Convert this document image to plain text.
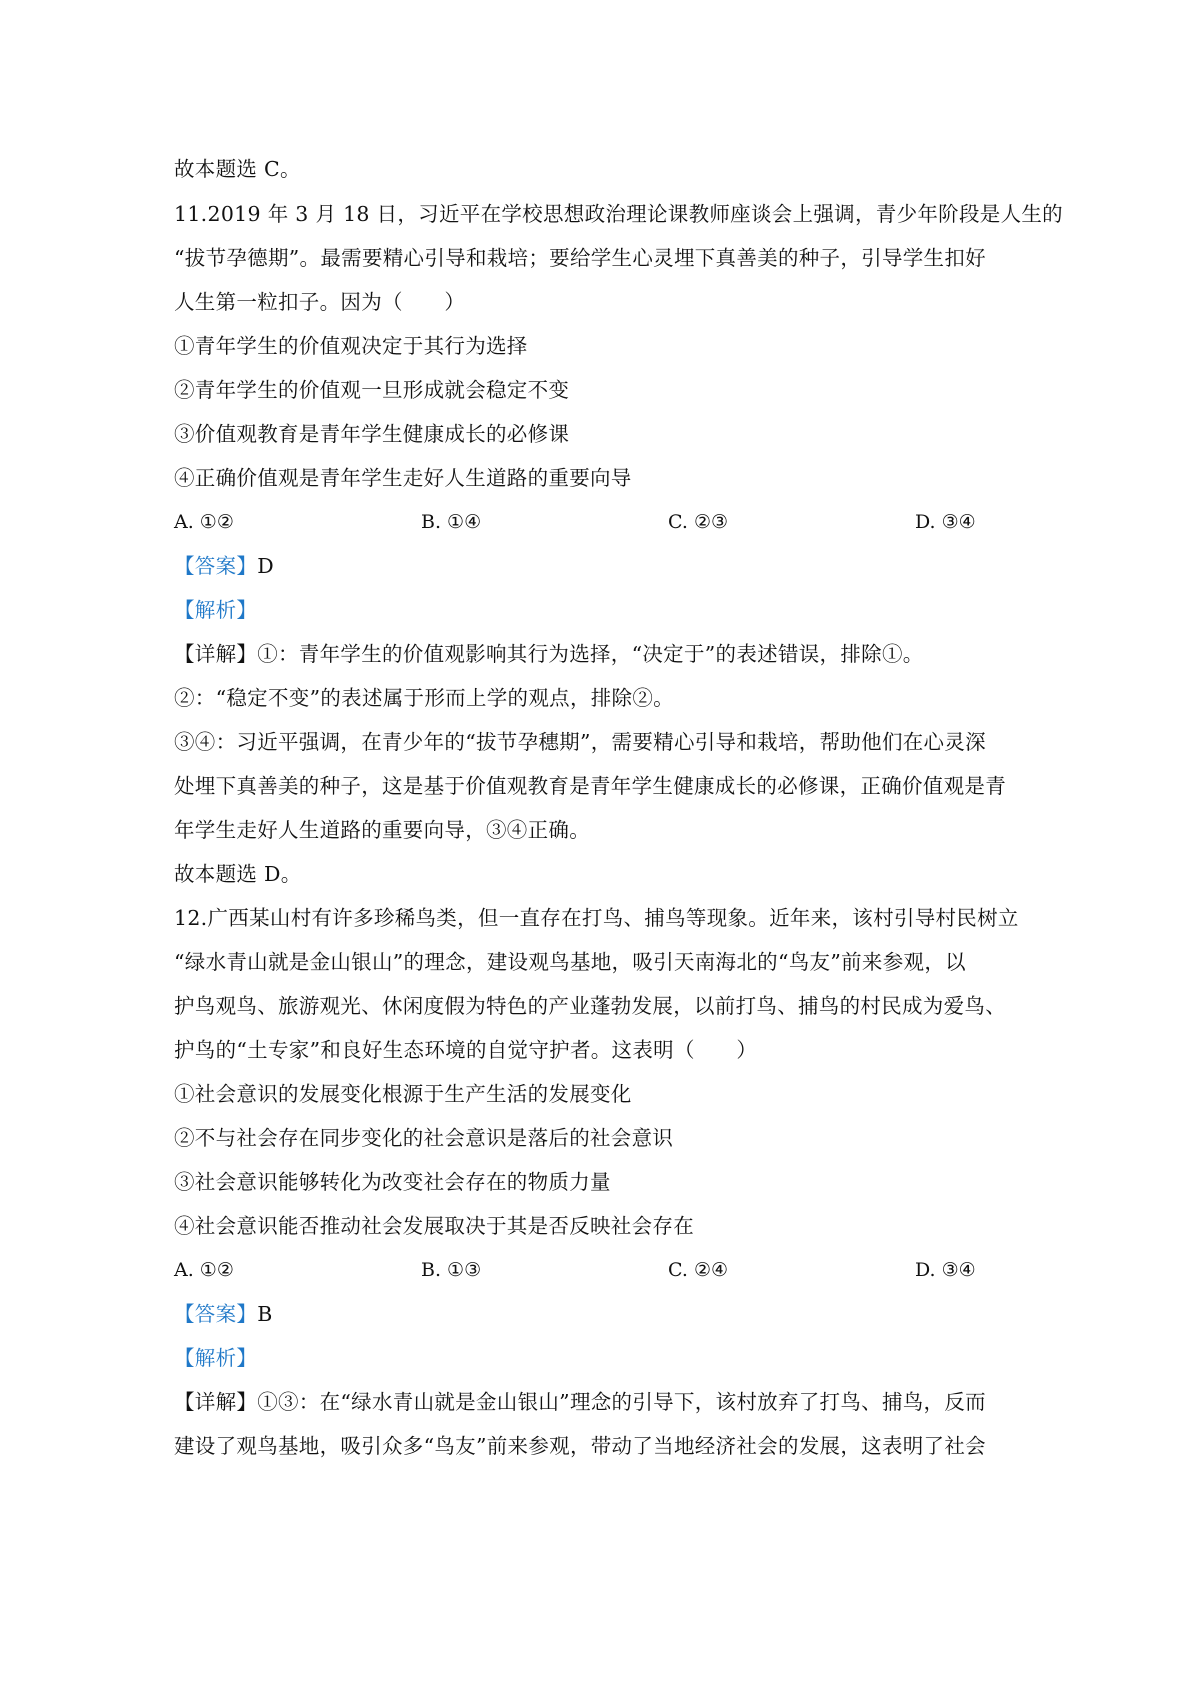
故本题选 C。
11.2019 年 3 月 18 日，习近平在学校思想政治理论课教师座谈会上强调，青少年阶段是人生的
“拔节孕德期”。最需要精心引导和栽培；要给学生心灵埋下真善美的种子，引导学生扣好
人生第一粒扣子。因为（　　）
①青年学生的价值观决定于其行为选择
②青年学生的价值观一旦形成就会稳定不变
③价值观教育是青年学生健康成长的必修课
④正确价值观是青年学生走好人生道路的重要向导
A. ①②	B. ①④	C. ②③	D. ③④
【答案】D
【解析】
【详解】①：青年学生的价值观影响其行为选择，“决定于”的表述错误，排除①。
②：“稳定不变”的表述属于形而上学的观点，排除②。
③④：习近平强调，在青少年的“拔节孕穗期”，需要精心引导和栽培，帮助他们在心灵深
处埋下真善美的种子，这是基于价值观教育是青年学生健康成长的必修课，正确价值观是青
年学生走好人生道路的重要向导，③④正确。
故本题选 D。
12.广西某山村有许多珍稀鸟类，但一直存在打鸟、捕鸟等现象。近年来，该村引导村民树立
“绿水青山就是金山银山”的理念，建设观鸟基地，吸引天南海北的“鸟友”前来参观，以
护鸟观鸟、旅游观光、休闲度假为特色的产业蓬勃发展，以前打鸟、捕鸟的村民成为爱鸟、
护鸟的“土专家”和良好生态环境的自觉守护者。这表明（　　）
①社会意识的发展变化根源于生产生活的发展变化
②不与社会存在同步变化的社会意识是落后的社会意识
③社会意识能够转化为改变社会存在的物质力量
④社会意识能否推动社会发展取决于其是否反映社会存在
A. ①②	B. ①③	C. ②④	D. ③④
【答案】B
【解析】
【详解】①③：在“绿水青山就是金山银山”理念的引导下，该村放弃了打鸟、捕鸟，反而
建设了观鸟基地，吸引众多“鸟友”前来参观，带动了当地经济社会的发展，这表明了社会
